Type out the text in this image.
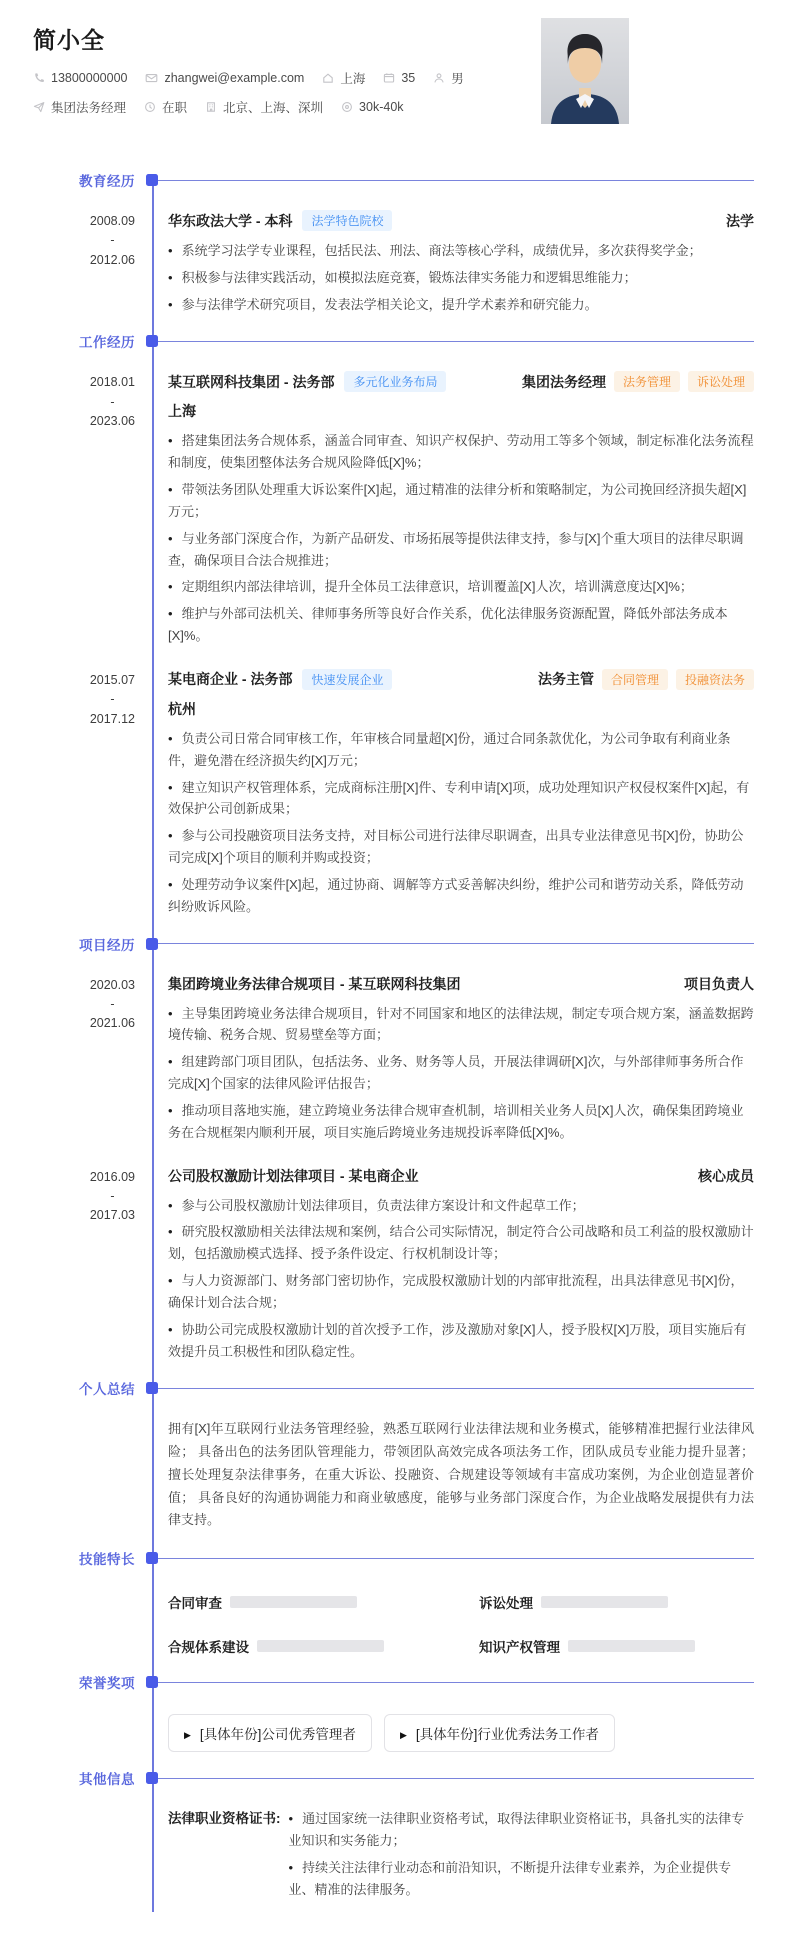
简小全
13800000000	zhangwei@example.com	上海	35	男
集团法务经理	在职	北京、上海、深圳	30k-40k
教育经历
2008.09
-
2012.06
华东政法大学 - 本科	法学特色院校	法学

• 系统学习法学专业课程，包括民法、刑法、商法等核心学科，成绩优异，多次获得奖学金；

• 积极参与法律实践活动，如模拟法庭竞赛，锻炼法律实务能力和逻辑思维能力；

• 参与法律学术研究项目，发表法学相关论文，提升学术素养和研究能力。

工作经历
2018.01
-
2023.06
某互联网科技集团 - 法务部	多元化业务布局	集团法务经理	法务管理	诉讼处理
上海

• 搭建集团法务合规体系，涵盖合同审查、知识产权保护、劳动用工等多个领域，制定标准化法务流程和制度，使集团整体法务合规风险降低[X]%；

• 带领法务团队处理重大诉讼案件[X]起，通过精准的法律分析和策略制定，为公司挽回经济损失超[X]万元；

• 与业务部门深度合作，为新产品研发、市场拓展等提供法律支持，参与[X]个重大项目的法律尽职调查，确保项目合法合规推进；

• 定期组织内部法律培训，提升全体员工法律意识，培训覆盖[X]人次，培训满意度达[X]%；

• 维护与外部司法机关、律师事务所等良好合作关系，优化法律服务资源配置，降低外部法务成本[X]%。

2015.07
-
2017.12
某电商企业 - 法务部	快速发展企业	法务主管	合同管理	投融资法务
杭州

• 负责公司日常合同审核工作，年审核合同量超[X]份，通过合同条款优化，为公司争取有利商业条件，避免潜在经济损失约[X]万元；

• 建立知识产权管理体系，完成商标注册[X]件、专利申请[X]项，成功处理知识产权侵权案件[X]起，有效保护公司创新成果；

• 参与公司投融资项目法务支持，对目标公司进行法律尽职调查，出具专业法律意见书[X]份，协助公司完成[X]个项目的顺利并购或投资；

• 处理劳动争议案件[X]起，通过协商、调解等方式妥善解决纠纷，维护公司和谐劳动关系，降低劳动纠纷败诉风险。

项目经历
2020.03
-
2021.06
集团跨境业务法律合规项目 - 某互联网科技集团	项目负责人

• 主导集团跨境业务法律合规项目，针对不同国家和地区的法律法规，制定专项合规方案，涵盖数据跨境传输、税务合规、贸易壁垒等方面；

• 组建跨部门项目团队，包括法务、业务、财务等人员，开展法律调研[X]次，与外部律师事务所合作完成[X]个国家的法律风险评估报告；

• 推动项目落地实施，建立跨境业务法律合规审查机制，培训相关业务人员[X]人次，确保集团跨境业务在合规框架内顺利开展，项目实施后跨境业务违规投诉率降低[X]%。

2016.09
-
2017.03
公司股权激励计划法律项目 - 某电商企业	核心成员

• 参与公司股权激励计划法律项目，负责法律方案设计和文件起草工作；

• 研究股权激励相关法律法规和案例，结合公司实际情况，制定符合公司战略和员工利益的股权激励计划，包括激励模式选择、授予条件设定、行权机制设计等；

• 与人力资源部门、财务部门密切协作，完成股权激励计划的内部审批流程，出具法律意见书[X]份，确保计划合法合规；

• 协助公司完成股权激励计划的首次授予工作，涉及激励对象[X]人，授予股权[X]万股，项目实施后有效提升员工积极性和团队稳定性。

个人总结

拥有[X]年互联网行业法务管理经验，熟悉互联网行业法律法规和业务模式，能够精准把握行业法律风险； 具备出色的法务团队管理能力，带领团队高效完成各项法务工作，团队成员专业能力提升显著； 擅长处理复杂法律事务，在重大诉讼、投融资、合规建设等领域有丰富成功案例，为企业创造显著价值； 具备良好的沟通协调能力和商业敏感度，能够与业务部门深度合作，为企业战略发展提供有力法律支持。

技能特长
合同审查	诉讼处理
合规体系建设	知识产权管理
荣誉奖项
▶
[具体年份]公司优秀管理者 ▶	[具体年份]行业优秀法务工作者
其他信息
法律职业资格证书:	• 通过国家统一法律职业资格考试，取得法律职业资格证书，具备扎实的法律专业知识和实务能力；

• 持续关注法律行业动态和前沿知识，不断提升法律专业素养，为企业提供专业、精准的法律服务。
